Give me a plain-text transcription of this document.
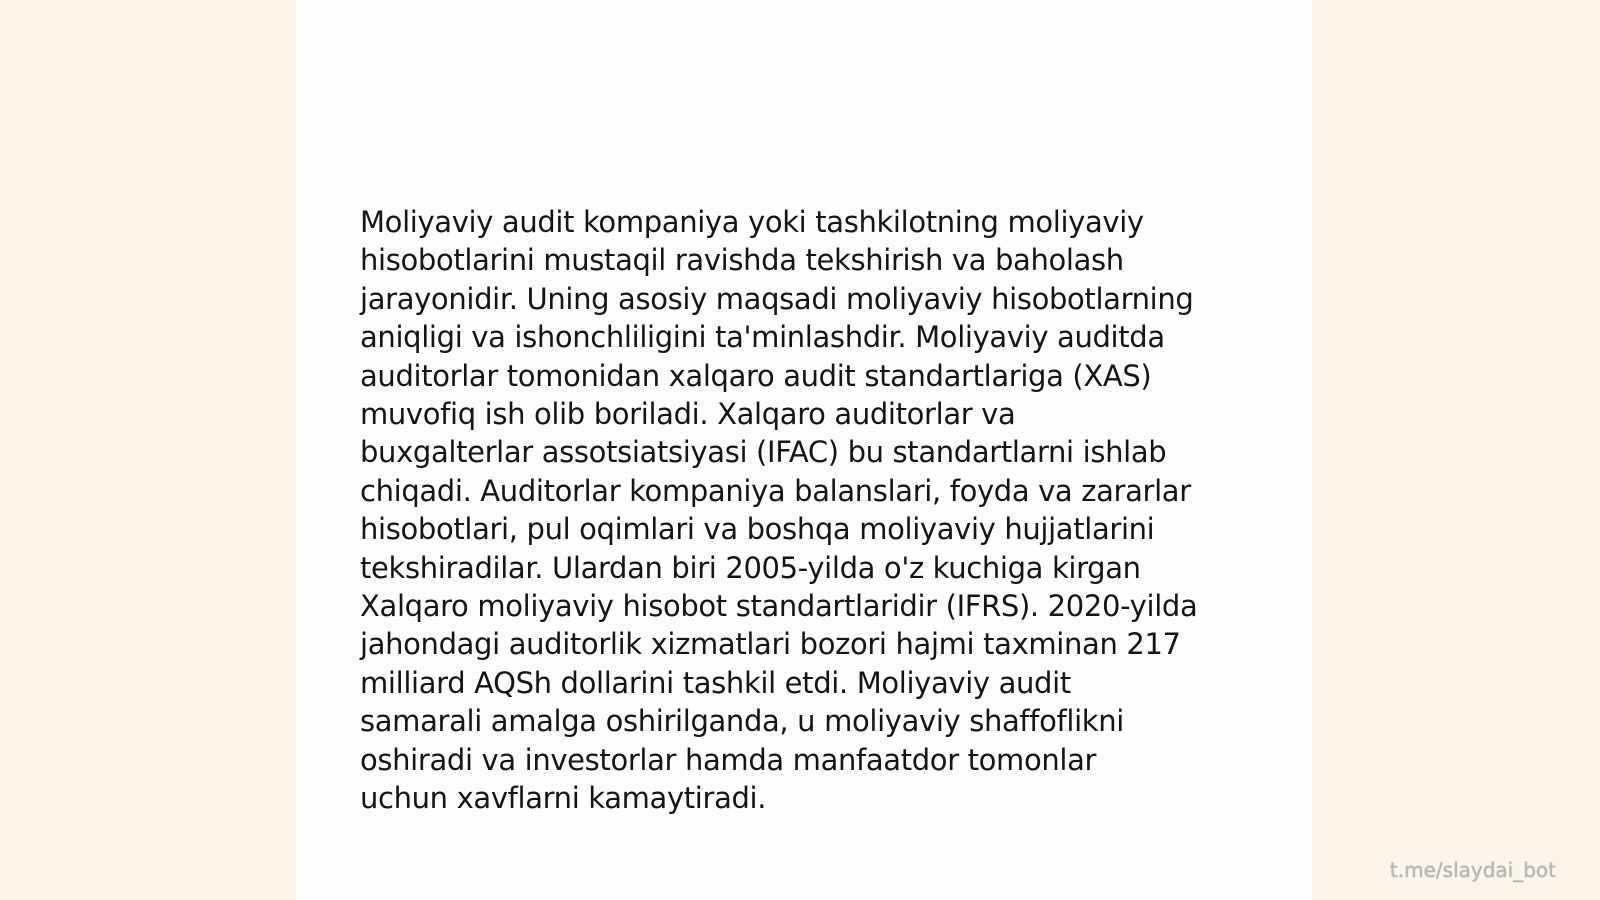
Moliyaviy audit kompaniya yoki tashkilotning moliyaviy
hisobotlarini mustaqil ravishda tekshirish va baholash
jarayonidir. Uning asosiy maqsadi moliyaviy hisobotlarning
aniqligi va ishonchliligini ta'minlashdir. Moliyaviy auditda
auditorlar tomonidan xalqaro audit standartlariga (XAS)
muvofiq ish olib boriladi. Xalqaro auditorlar va
buxgalterlar assotsiatsiyasi (IFAC) bu standartlarni ishlab
chiqadi. Auditorlar kompaniya balanslari, foyda va zararlar
hisobotlari, pul oqimlari va boshqa moliyaviy hujjatlarini
tekshiradilar. Ulardan biri 2005-yilda o'z kuchiga kirgan
Xalqaro moliyaviy hisobot standartlaridir (IFRS). 2020-yilda
jahondagi auditorlik xizmatlari bozori hajmi taxminan 217
milliard AQSh dollarini tashkil etdi. Moliyaviy audit
samarali amalga oshirilganda, u moliyaviy shaffoflikni
oshiradi va investorlar hamda manfaatdor tomonlar
uchun xavflarni kamaytiradi.

t.me/slaydai_bot
